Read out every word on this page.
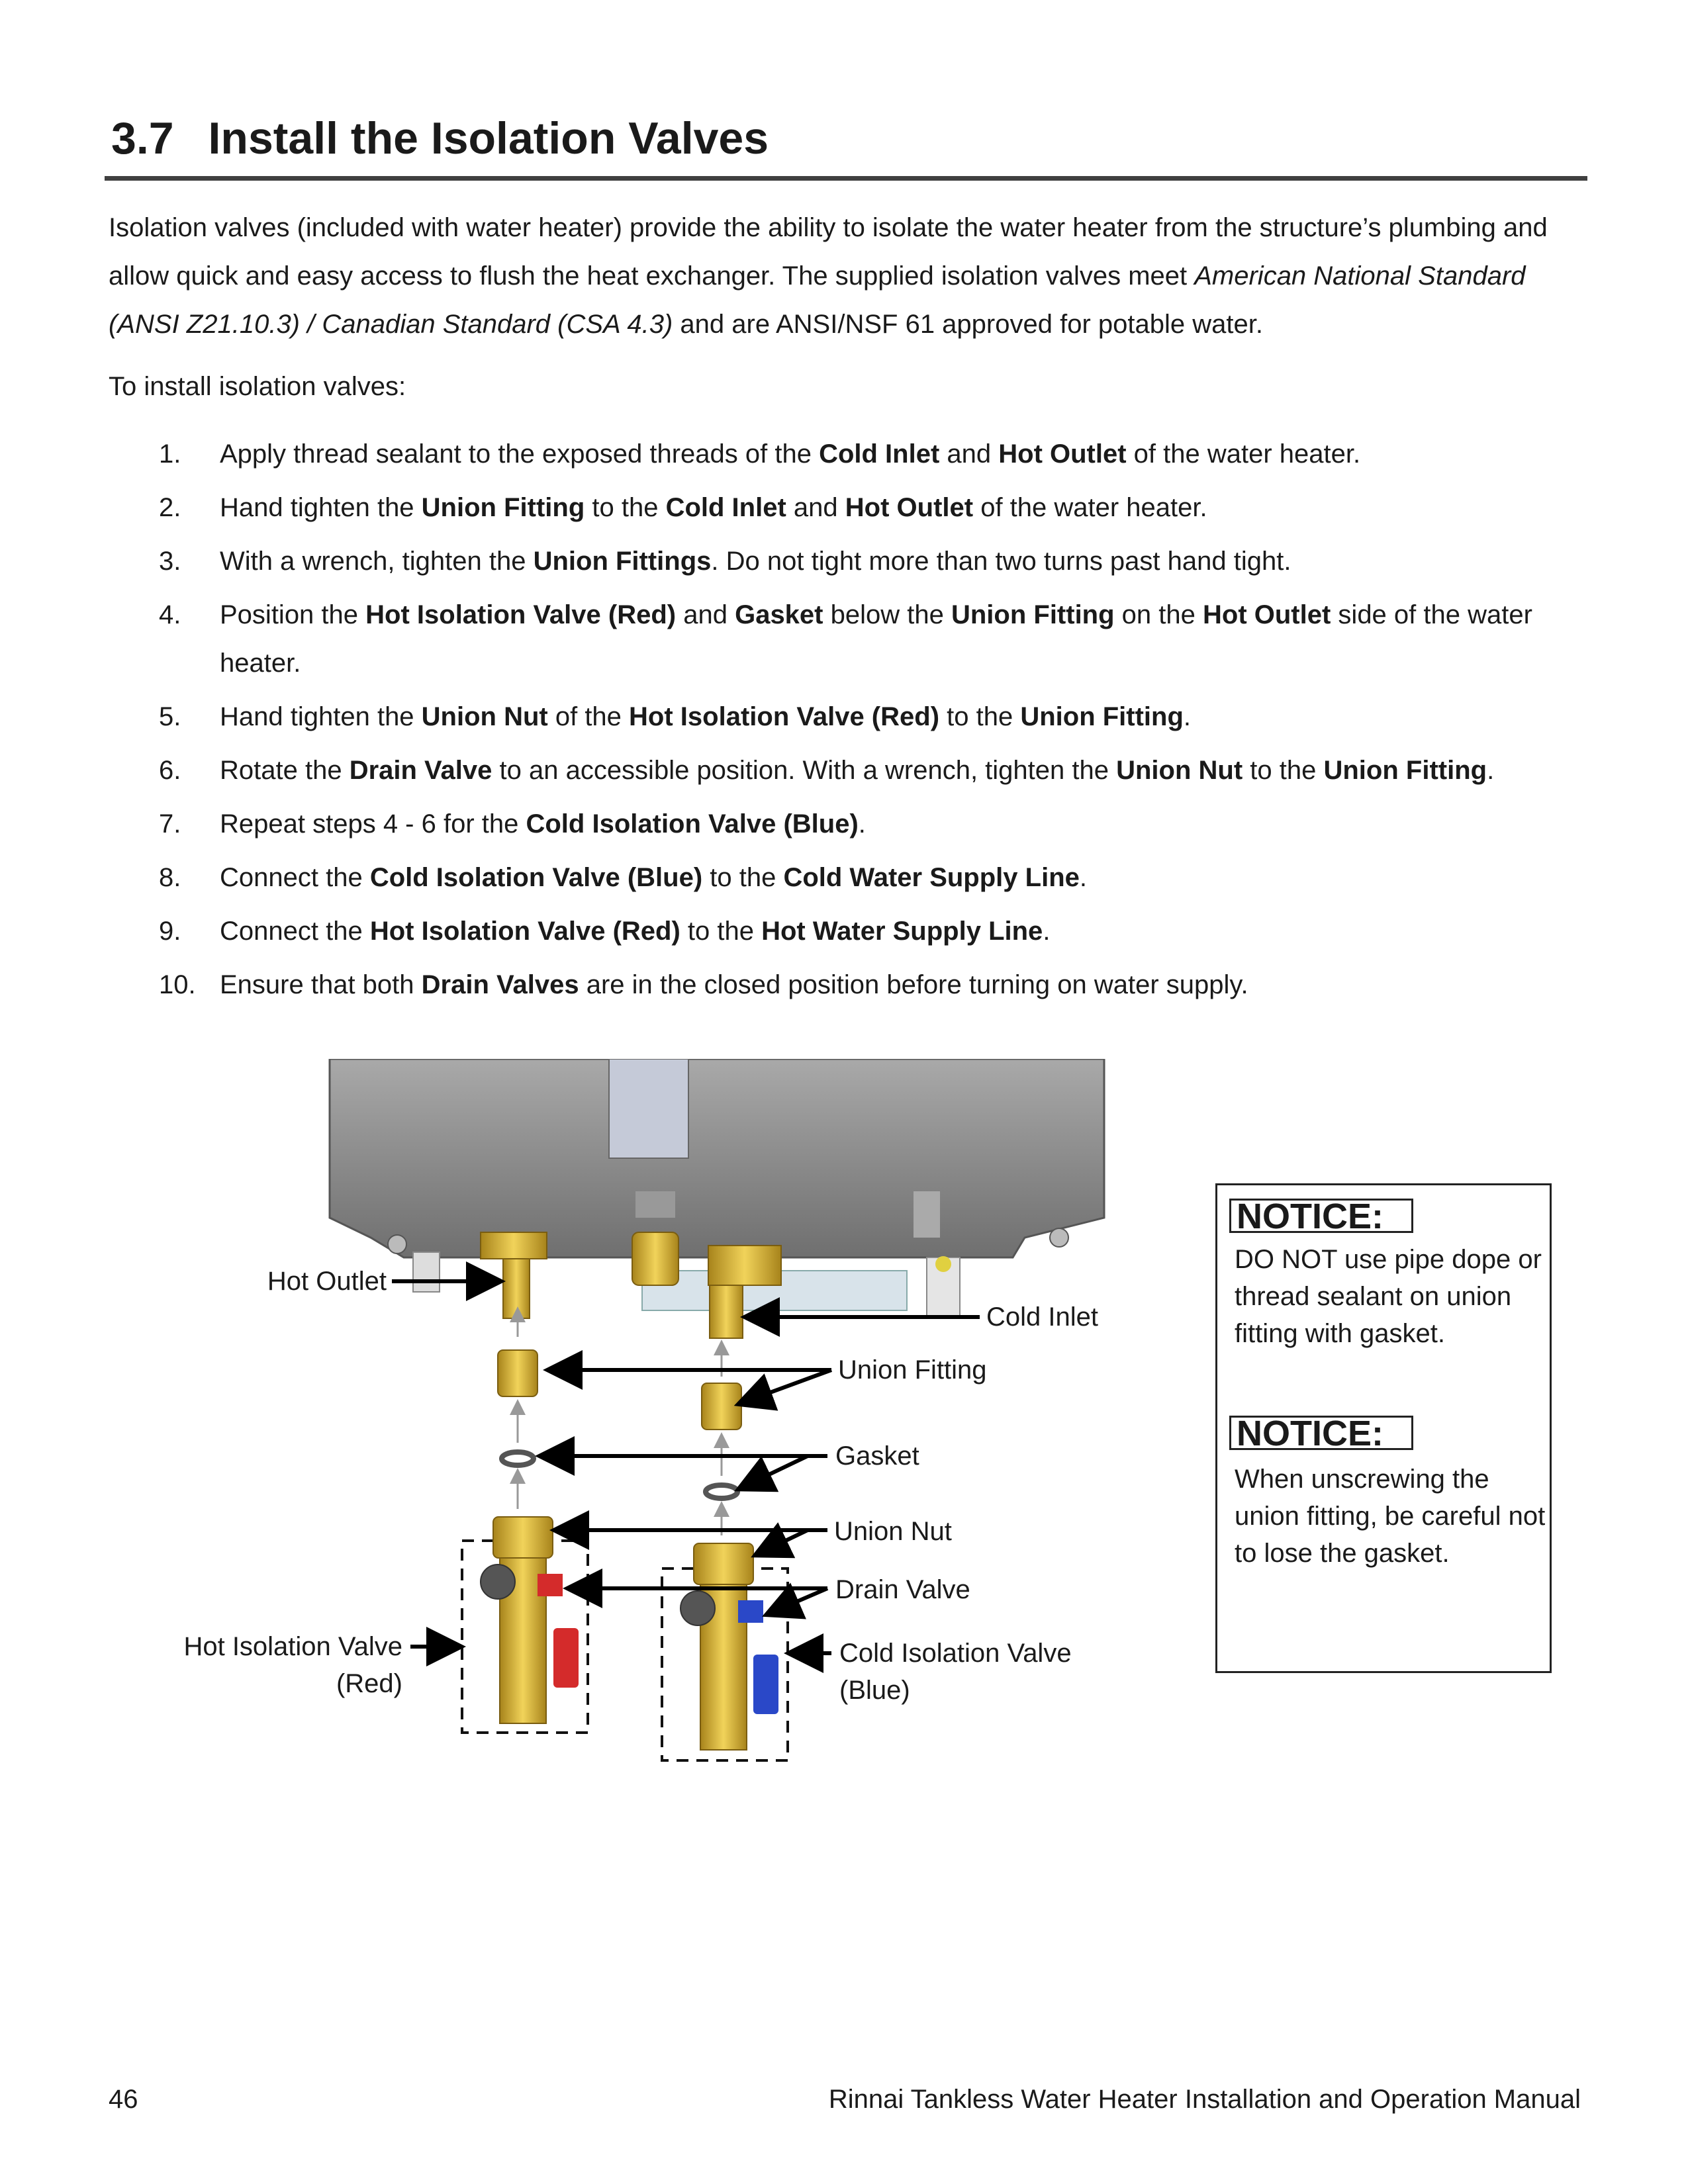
3.7 Install the Isolation Valves

Isolation valves (included with water heater) provide the ability to isolate the water heater from the structure’s plumbing and allow quick and easy access to flush the heat exchanger. The supplied isolation valves meet American National Standard (ANSI Z21.10.3) / Canadian Standard (CSA 4.3) and are ANSI/NSF 61 approved for potable water.

To install isolation valves:

1. Apply thread sealant to the exposed threads of the Cold Inlet and Hot Outlet of the water heater.
2. Hand tighten the Union Fitting to the Cold Inlet and Hot Outlet of the water heater.
3. With a wrench, tighten the Union Fittings. Do not tight more than two turns past hand tight.
4. Position the Hot Isolation Valve (Red) and Gasket below the Union Fitting on the Hot Outlet side of the water heater.
5. Hand tighten the Union Nut of the Hot Isolation Valve (Red) to the Union Fitting.
6. Rotate the Drain Valve to an accessible position. With a wrench, tighten the Union Nut to the Union Fitting.
7. Repeat steps 4 - 6 for the Cold Isolation Valve (Blue).
8. Connect the Cold Isolation Valve (Blue) to the Cold Water Supply Line.
9. Connect the Hot Isolation Valve (Red) to the Hot Water Supply Line.
10. Ensure that both Drain Valves are in the closed position before turning on water supply.
Hot Outlet
Cold Inlet
Union Fitting
Gasket
Union Nut
Drain Valve
Hot Isolation Valve
(Red)
Cold Isolation Valve
(Blue)
NOTICE:

DO NOT use pipe dope or thread sealant on union fitting with gasket.

NOTICE:

When unscrewing the union fitting, be careful not to lose the gasket.

46	Rinnai Tankless Water Heater Installation and Operation Manual
